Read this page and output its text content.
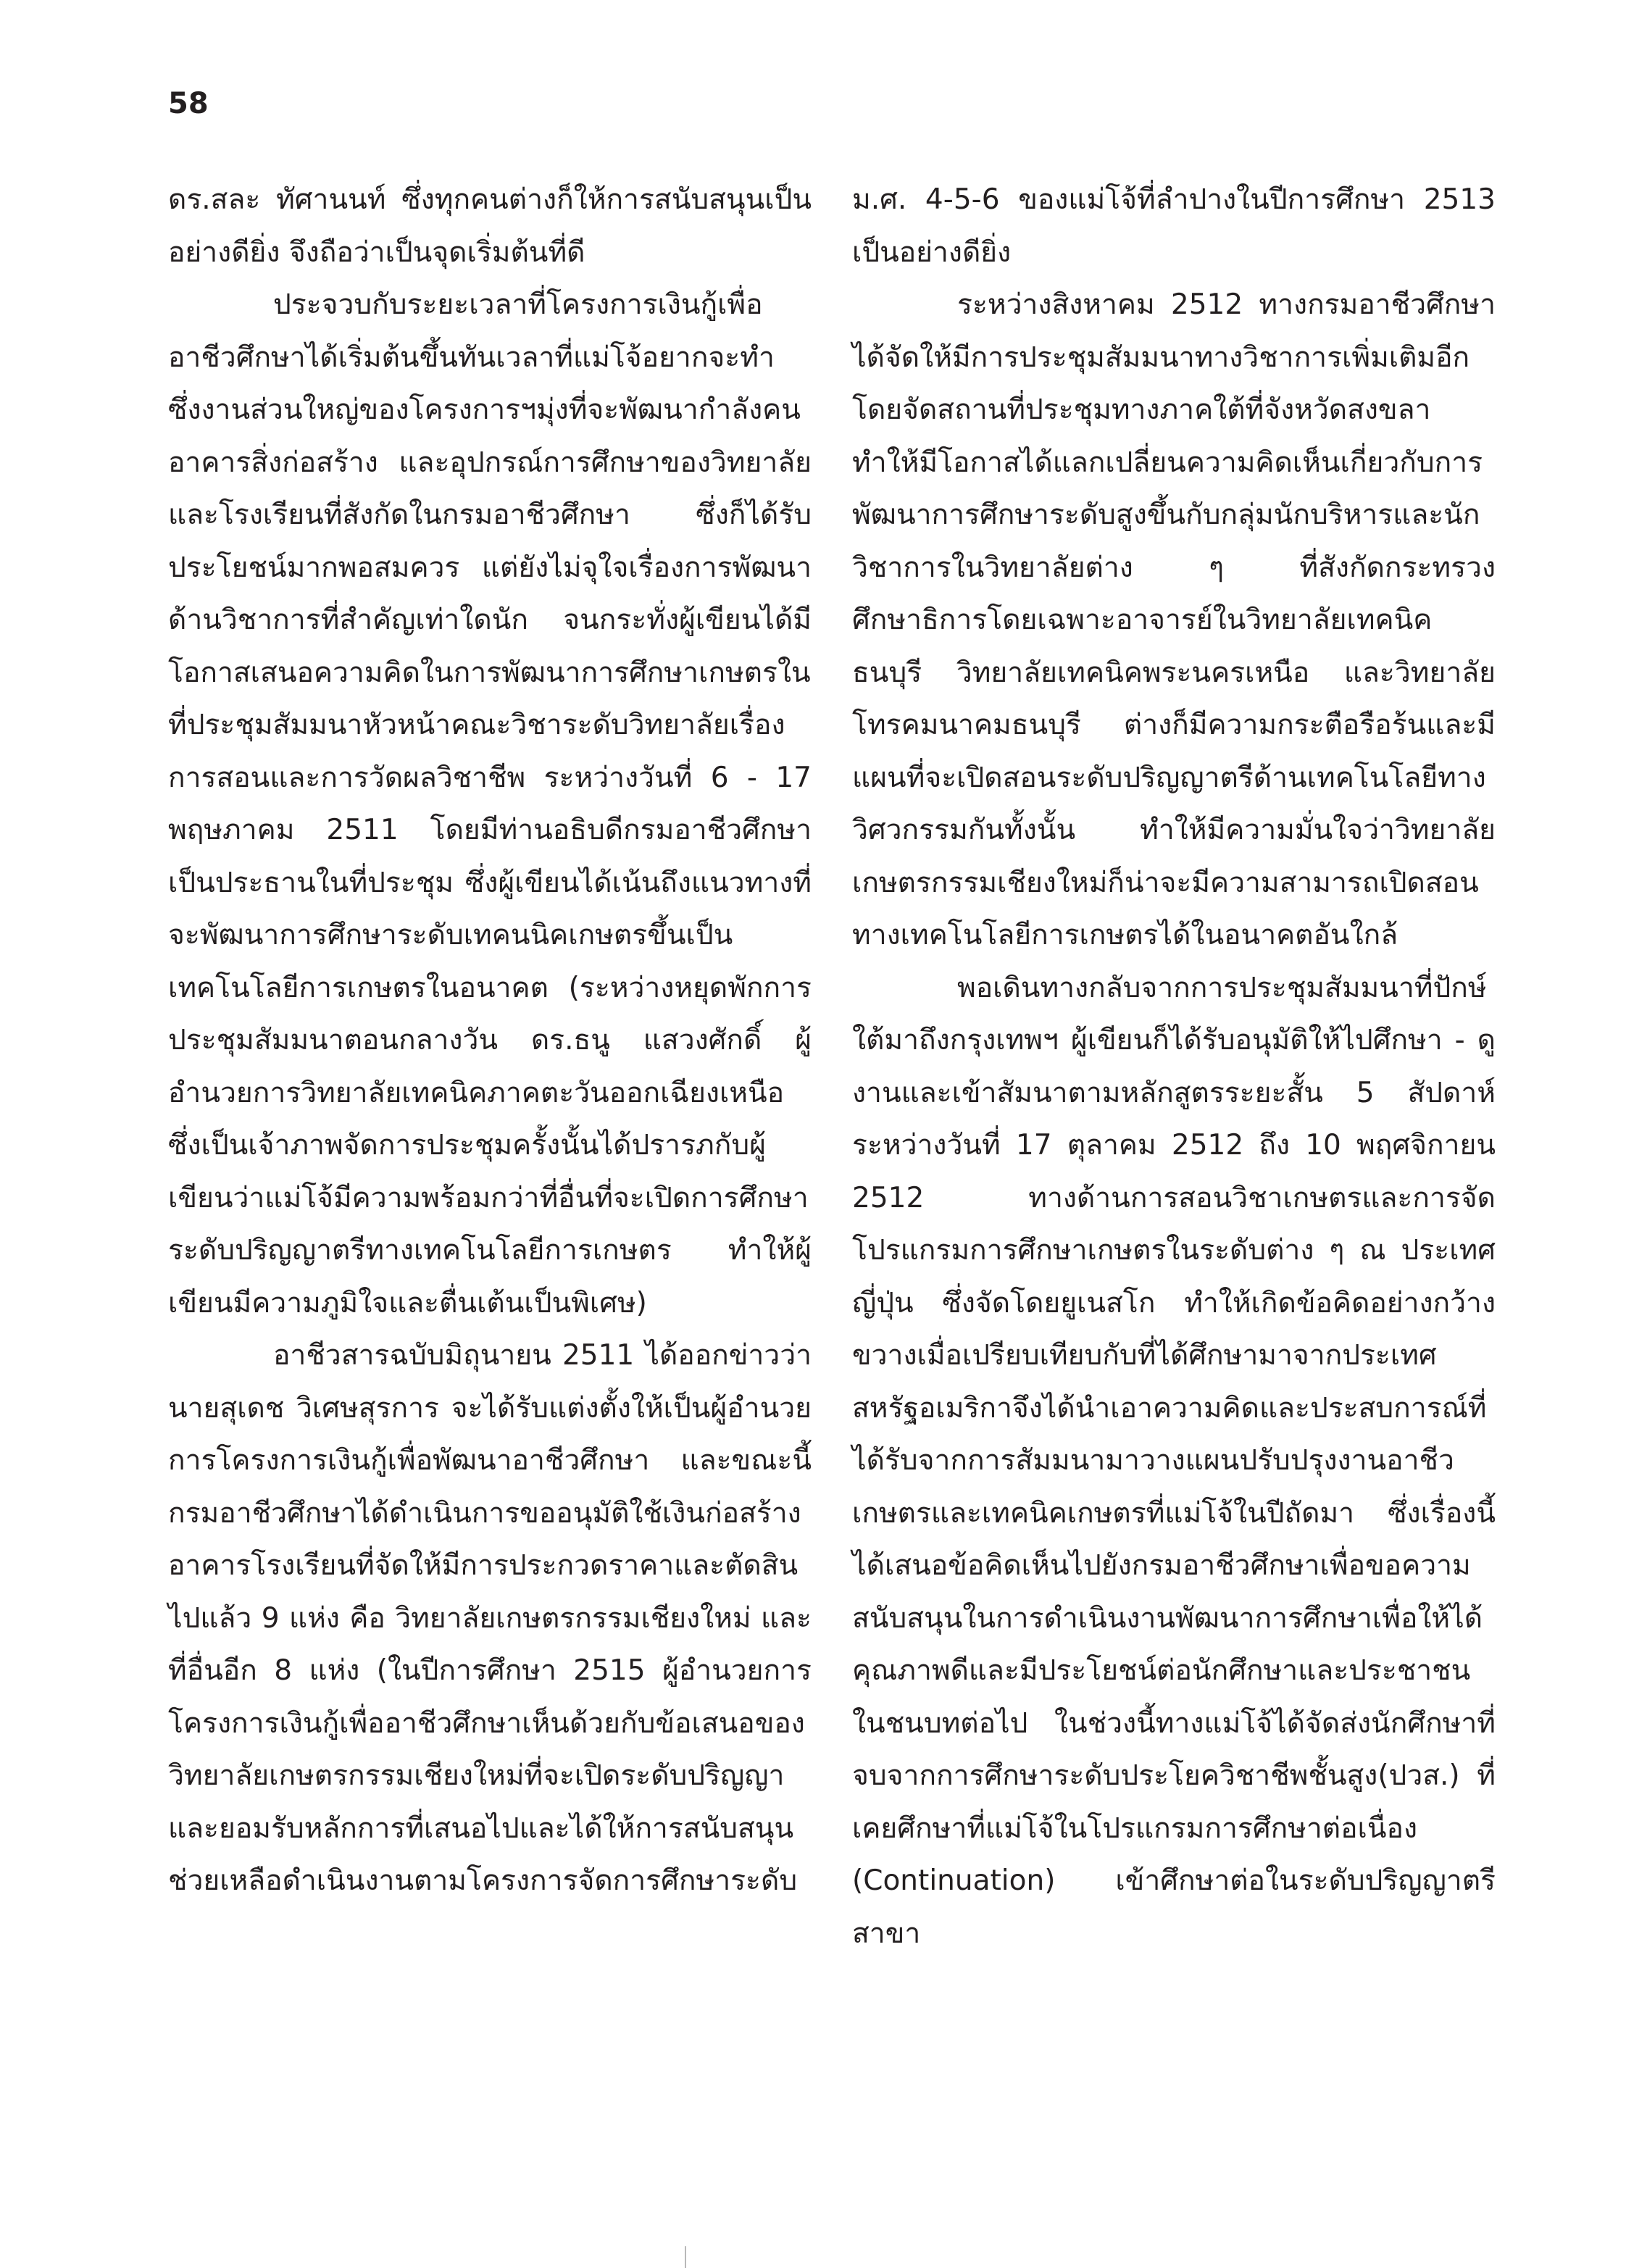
58

ดร.สละ ทัศานนท์ ซึ่งทุกคนต่างก็ให้การสนับสนุนเป็นอย่างดียิ่ง จึงถือว่าเป็นจุดเริ่มต้นที่ดี

ประจวบกับระยะเวลาที่โครงการเงินกู้เพื่ออาชีวศึกษาได้เริ่มต้นขึ้นทันเวลาที่แม่โจ้อยากจะทำ ซึ่งงานส่วนใหญ่ของโครงการฯมุ่งที่จะพัฒนากำลังคน อาคารสิ่งก่อสร้าง และอุปกรณ์การศึกษาของวิทยาลัยและโรงเรียนที่สังกัดในกรมอาชีวศึกษา ซึ่งก็ได้รับประโยชน์มากพอสมควร แต่ยังไม่จุใจเรื่องการพัฒนาด้านวิชาการที่สำคัญเท่าใดนัก จนกระทั่งผู้เขียนได้มีโอกาสเสนอความคิดในการพัฒนาการศึกษาเกษตรในที่ประชุมสัมมนาหัวหน้าคณะวิชาระดับวิทยาลัยเรื่องการสอนและการวัดผลวิชาชีพ ระหว่างวันที่ 6 - 17 พฤษภาคม 2511 โดยมีท่านอธิบดีกรมอาชีวศึกษาเป็นประธานในที่ประชุม ซึ่งผู้เขียนได้เน้นถึงแนวทางที่จะพัฒนาการศึกษาระดับเทคนนิคเกษตรขึ้นเป็นเทคโนโลยีการเกษตรในอนาคต (ระหว่างหยุดพักการประชุมสัมมนาตอนกลางวัน ดร.ธนู แสวงศักดิ์ ผู้อำนวยการวิทยาลัยเทคนิคภาคตะวันออกเฉียงเหนือซึ่งเป็นเจ้าภาพจัดการประชุมครั้งนั้นได้ปรารภกับผู้เขียนว่าแม่โจ้มีความพร้อมกว่าที่อื่นที่จะเปิดการศึกษาระดับปริญญาตรีทางเทคโนโลยีการเกษตร ทำให้ผู้เขียนมีความภูมิใจและตื่นเต้นเป็นพิเศษ)

อาชีวสารฉบับมิถุนายน 2511 ได้ออกข่าวว่านายสุเดช วิเศษสุรการ จะได้รับแต่งตั้งให้เป็นผู้อำนวยการโครงการเงินกู้เพื่อพัฒนาอาชีวศึกษา และขณะนี้กรมอาชีวศึกษาได้ดำเนินการขออนุมัติใช้เงินก่อสร้างอาคารโรงเรียนที่จัดให้มีการประกวดราคาและตัดสินไปแล้ว 9 แห่ง คือ วิทยาลัยเกษตรกรรมเชียงใหม่ และที่อื่นอีก 8 แห่ง (ในปีการศึกษา 2515 ผู้อำนวยการโครงการเงินกู้เพื่ออาชีวศึกษาเห็นด้วยกับข้อเสนอของวิทยาลัยเกษตรกรรมเชียงใหม่ที่จะเปิดระดับปริญญาและยอมรับหลักการที่เสนอไปและได้ให้การสนับสนุนช่วยเหลือดำเนินงานตามโครงการจัดการศึกษาระดับ

ม.ศ. 4-5-6 ของแม่โจ้ที่ลำปางในปีการศึกษา 2513 เป็นอย่างดียิ่ง

ระหว่างสิงหาคม 2512 ทางกรมอาชีวศึกษาได้จัดให้มีการประชุมสัมมนาทางวิชาการเพิ่มเติมอีกโดยจัดสถานที่ประชุมทางภาคใต้ที่จังหวัดสงขลา ทำให้มีโอกาสได้แลกเปลี่ยนความคิดเห็นเกี่ยวกับการพัฒนาการศึกษาระดับสูงขึ้นกับกลุ่มนักบริหารและนักวิชาการในวิทยาลัยต่าง ๆ ที่สังกัดกระทรวงศึกษาธิการโดยเฉพาะอาจารย์ในวิทยาลัยเทคนิคธนบุรี วิทยาลัยเทคนิคพระนครเหนือ และวิทยาลัยโทรคมนาคมธนบุรี ต่างก็มีความกระตือรือร้นและมีแผนที่จะเปิดสอนระดับปริญญาตรีด้านเทคโนโลยีทางวิศวกรรมกันทั้งนั้น ทำให้มีความมั่นใจว่าวิทยาลัยเกษตรกรรมเชียงใหม่ก็น่าจะมีความสามารถเปิดสอนทางเทคโนโลยีการเกษตรได้ในอนาคตอันใกล้

พอเดินทางกลับจากการประชุมสัมมนาที่ปักษ์ใต้มาถึงกรุงเทพฯ ผู้เขียนก็ได้รับอนุมัติให้ไปศึกษา - ดูงานและเข้าสัมนาตามหลักสูตรระยะสั้น 5 สัปดาห์ ระหว่างวันที่ 17 ตุลาคม 2512 ถึง 10 พฤศจิกายน 2512 ทางด้านการสอนวิชาเกษตรและการจัดโปรแกรมการศึกษาเกษตรในระดับต่าง ๆ ณ ประเทศญี่ปุ่น ซึ่งจัดโดยยูเนสโก ทำให้เกิดข้อคิดอย่างกว้างขวางเมื่อเปรียบเทียบกับที่ได้ศึกษามาจากประเทศสหรัฐอเมริกาจึงได้นำเอาความคิดและประสบการณ์ที่ได้รับจากการสัมมนามาวางแผนปรับปรุงงานอาชีวเกษตรและเทคนิคเกษตรที่แม่โจ้ในปีถัดมา ซึ่งเรื่องนี้ได้เสนอข้อคิดเห็นไปยังกรมอาชีวศึกษาเพื่อขอความสนับสนุนในการดำเนินงานพัฒนาการศึกษาเพื่อให้ได้คุณภาพดีและมีประโยชน์ต่อนักศึกษาและประชาชนในชนบทต่อไป ในช่วงนี้ทางแม่โจ้ได้จัดส่งนักศึกษาที่จบจากการศึกษาระดับประโยควิชาชีพชั้นสูง(ปวส.) ที่เคยศึกษาที่แม่โจ้ในโปรแกรมการศึกษาต่อเนื่อง (Continuation) เข้าศึกษาต่อในระดับปริญญาตรีสาขา
